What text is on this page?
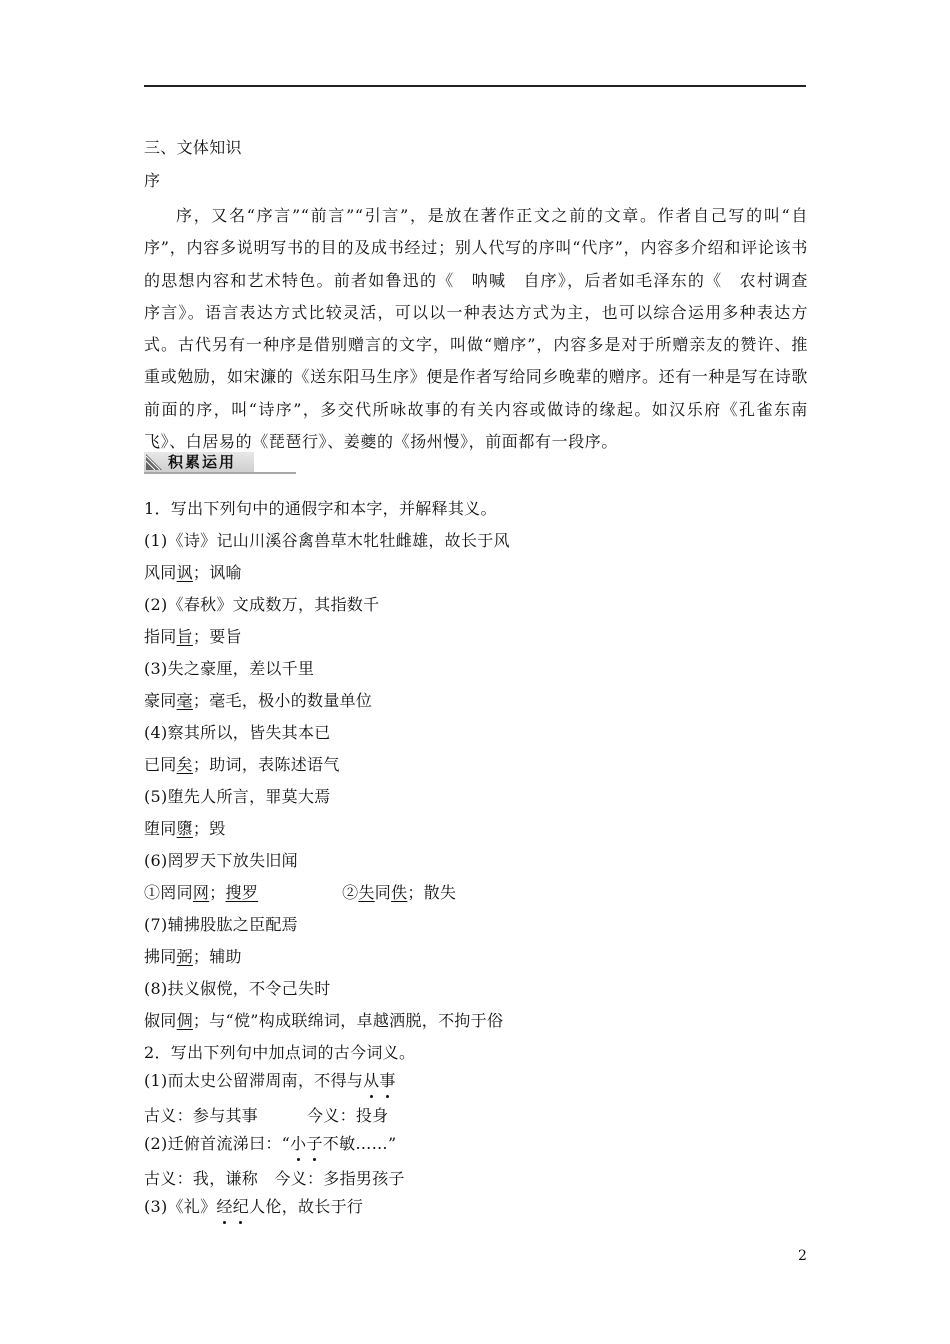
三、文体知识
序
序，又名“序言”“前言”“引言”，是放在著作正文之前的文章。作者自己写的叫“自序”，内容多说明写书的目的及成书经过；别人代写的序叫“代序”，内容多介绍和评论该书的思想内容和艺术特色。前者如鲁迅的《　呐喊　自序》，后者如毛泽东的《　农村调查　序言》。语言表达方式比较灵活，可以以一种表达方式为主，也可以综合运用多种表达方式。古代另有一种序是借别赠言的文字，叫做“赠序”，内容多是对于所赠亲友的赞许、推重或勉励，如宋濂的《送东阳马生序》便是作者写给同乡晚辈的赠序。还有一种是写在诗歌前面的序，叫“诗序”，多交代所咏故事的有关内容或做诗的缘起。如汉乐府《孔雀东南飞》、白居易的《琵琶行》、姜夔的《扬州慢》，前面都有一段序。
积累运用
1．写出下列句中的通假字和本字，并解释其义。
(1)《诗》记山川溪谷禽兽草木牝牡雌雄，故长于风
风同讽；讽喻
(2)《春秋》文成数万，其指数千
指同旨；要旨
(3)失之豪厘，差以千里
豪同毫；毫毛，极小的数量单位
(4)察其所以，皆失其本已
已同矣；助词，表陈述语气
(5)堕先人所言，罪莫大焉
堕同隳；毁
(6)罔罗天下放失旧闻
①罔同网；搜罗	②失同佚；散失
(7)辅拂股肱之臣配焉
拂同弼；辅助
(8)扶义俶傥，不令己失时
俶同倜；与“傥”构成联绵词，卓越洒脱，不拘于俗
2．写出下列句中加点词的古今词义。
(1)而太史公留滞周南，不得与从事
古义：参与其事　　　今义：投身
(2)迁俯首流涕曰：“小子不敏……”
古义：我，谦称　今义：多指男孩子
(3)《礼》经纪人伦，故长于行
2
